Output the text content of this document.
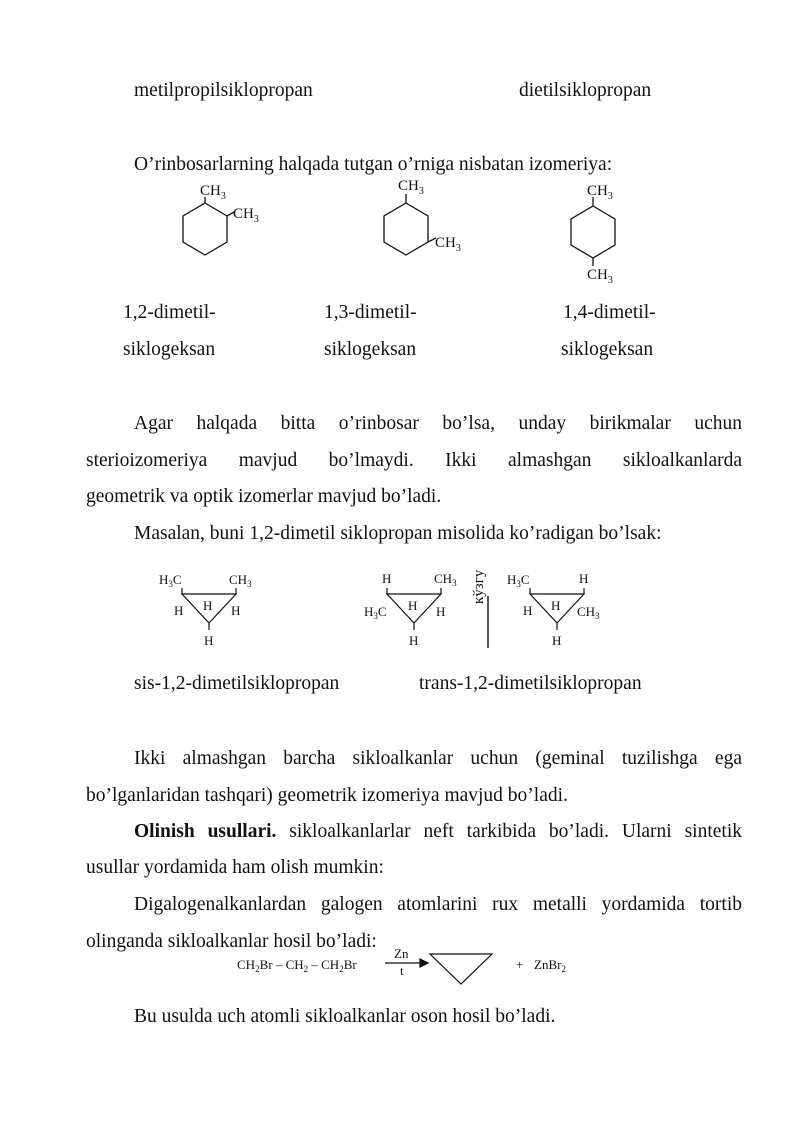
metilpropilsiklopropan	dietilsiklopropan
O’rinbosarlarning halqada tutgan o’rniga nisbatan izomeriya:
$CH_3$
$CH_3$
$CH_3$
$CH_3$
$CH_3$
$CH_3$
1,2-dimetil-
siklogeksan
1,3-dimetil-
siklogeksan
1,4-dimetil-
siklogeksan
Agar halqada bitta o’rinbosar bo’lsa, unday birikmalar uchun
sterioizomeriya mavjud bo’lmaydi. Ikki almashgan sikloalkanlarda
geometrik va optik izomerlar mavjud bo’ladi.
Masalan, buni 1,2-dimetil siklopropan misolida ko’radigan bo’lsak:
$H_3C$	$CH_3$
H H H
H
H	$CH_3$
$H_3C$ H H
H
$H_3C$	H
H H $CH_3$
H
кўзгу
sis-1,2-dimetilsiklopropan	trans-1,2-dimetilsiklopropan
Ikki almashgan barcha sikloalkanlar uchun (geminal tuzilishga ega
bo’lganlaridan tashqari) geometrik izomeriya mavjud bo’ladi.
Olinish usullari. sikloalkanlarlar neft tarkibida bo’ladi. Ularni sintetik
usullar yordamida ham olish mumkin:
Digalogenalkanlardan galogen atomlarini rux metalli yordamida tortib
olinganda sikloalkanlar hosil bo’ladi:
$CH_2Br - CH_2 - CH_2Br$
Zn
t	+ ZnBr$_2$
Bu usulda uch atomli sikloalkanlar oson hosil bo’ladi.
